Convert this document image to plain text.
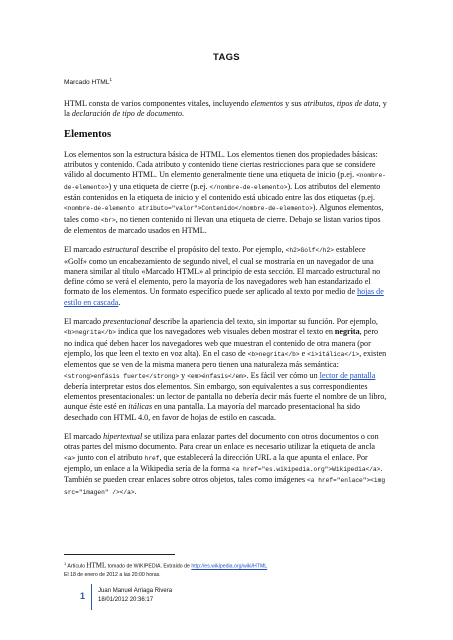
TAGS
Marcado HTML$^1$

HTML consta de varios componentes vitales, incluyendo elementos y sus atributos, tipos de data, y la declaración de tipo de documento.

Elementos

Los elementos son la estructura básica de HTML. Los elementos tienen dos propiedades básicas: atributos y contenido. Cada atributo y contenido tiene ciertas restricciones para que se considere válido al documento HTML. Un elemento generalmente tiene una etiqueta de inicio (p.ej. <nombre-de-elemento>) y una etiqueta de cierre (p.ej. </nombre-de-elemento>). Los atributos del elemento están contenidos en la etiqueta de inicio y el contenido está ubicado entre las dos etiquetas (p.ej. <nombre-de-elemento atributo="valor">Contenido</nombre-de-elemento>). Algunos elementos, tales como <br>, no tienen contenido ni llevan una etiqueta de cierre. Debajo se listan varios tipos de elementos de marcado usados en HTML.

El marcado estructural describe el propósito del texto. Por ejemplo, <h2>Golf</h2> establece «Golf» como un encabezamiento de segundo nivel, el cual se mostraría en un navegador de una manera similar al título «Marcado HTML» al principio de esta sección. El marcado estructural no define cómo se verá el elemento, pero la mayoría de los navegadores web han estandarizado el formato de los elementos. Un formato específico puede ser aplicado al texto por medio de hojas de estilo en cascada.

El marcado presentacional describe la apariencia del texto, sin importar su función. Por ejemplo, <b>negrita</b> indica que los navegadores web visuales deben mostrar el texto en negrita, pero no indica qué deben hacer los navegadores web que muestran el contenido de otra manera (por ejemplo, los que leen el texto en voz alta). En el caso de <b>negrita</b> e <i>itálica</i>, existen elementos que se ven de la misma manera pero tienen una naturaleza más semántica: <strong>enfásis fuerte</strong> y <em>énfasis</em>. Es fácil ver cómo un lector de pantalla debería interpretar estos dos elementos. Sin embargo, son equivalentes a sus correspondientes elementos presentacionales: un lector de pantalla no debería decir más fuerte el nombre de un libro, aunque éste esté en itálicas en una pantalla. La mayoría del marcado presentacional ha sido desechado con HTML 4.0, en favor de hojas de estilo en cascada.

El marcado hipertextual se utiliza para enlazar partes del documento con otros documentos o con otras partes del mismo documento. Para crear un enlace es necesario utilizar la etiqueta de ancla <a> junto con el atributo href, que establecerá la dirección URL a la que apunta el enlace. Por ejemplo, un enlace a la Wikipedia sería de la forma <a href="es.wikipedia.org">Wikipedia</a>. También se pueden crear enlaces sobre otros objetos, tales como imágenes <a href="enlace"><img src="imagen" /></a>.

$^1$ Artículo HTML tomado de WIKIPEDIA. Extraído de http://es.wikipedia.org/wiki/HTML
El 18 de enero de 2012 a las 20:00 horas.
1	Juan Manuel Arriaga Rivera
18/01/2012 20:36:17
